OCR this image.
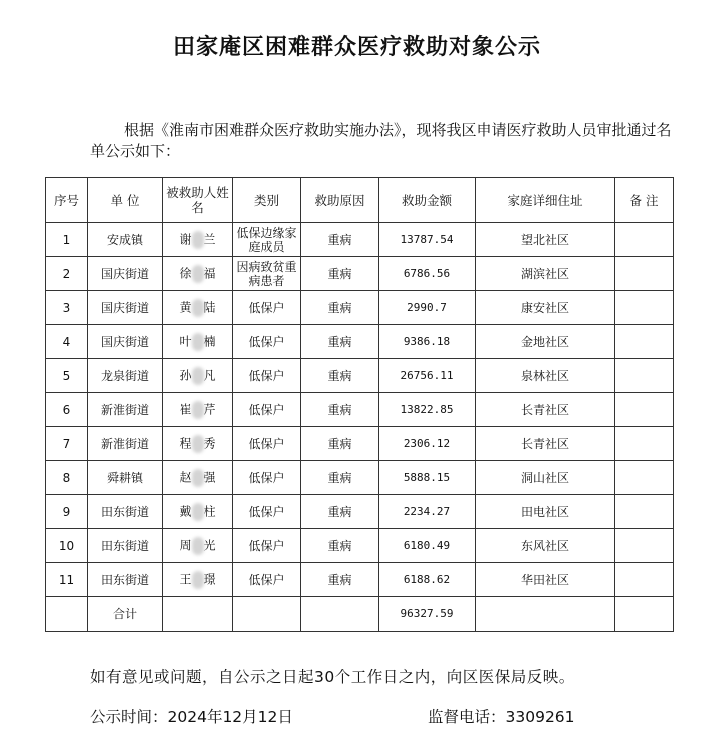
田家庵区困难群众医疗救助对象公示
根据《淮南市困难群众医疗救助实施办法》，现将我区申请医疗救助人员审批通过名单公示如下：
序号	单 位	被救助人姓名	类别	救助原因	救助金额	家庭详细住址	备 注
1	安成镇	谢 兰	低保边缘家庭成员	重病	13787.54	望北社区	
2	国庆街道	徐 福	因病致贫重病患者	重病	6786.56	湖滨社区	
3	国庆街道	黄 陆	低保户	重病	2990.7	康安社区	
4	国庆街道	叶 楠	低保户	重病	9386.18	金地社区	
5	龙泉街道	孙 凡	低保户	重病	26756.11	泉林社区	
6	新淮街道	崔 芹	低保户	重病	13822.85	长青社区	
7	新淮街道	程 秀	低保户	重病	2306.12	长青社区	
8	舜耕镇	赵 强	低保户	重病	5888.15	洞山社区	
9	田东街道	戴 柱	低保户	重病	2234.27	田电社区	
10	田东街道	周 光	低保户	重病	6180.49	东风社区	
11	田东街道	王 璟	低保户	重病	6188.62	华田社区	
	合计				96327.59		
如有意见或问题，自公示之日起30个工作日之内，向区医保局反映。
公示时间：2024年12月12日	监督电话：3309261
